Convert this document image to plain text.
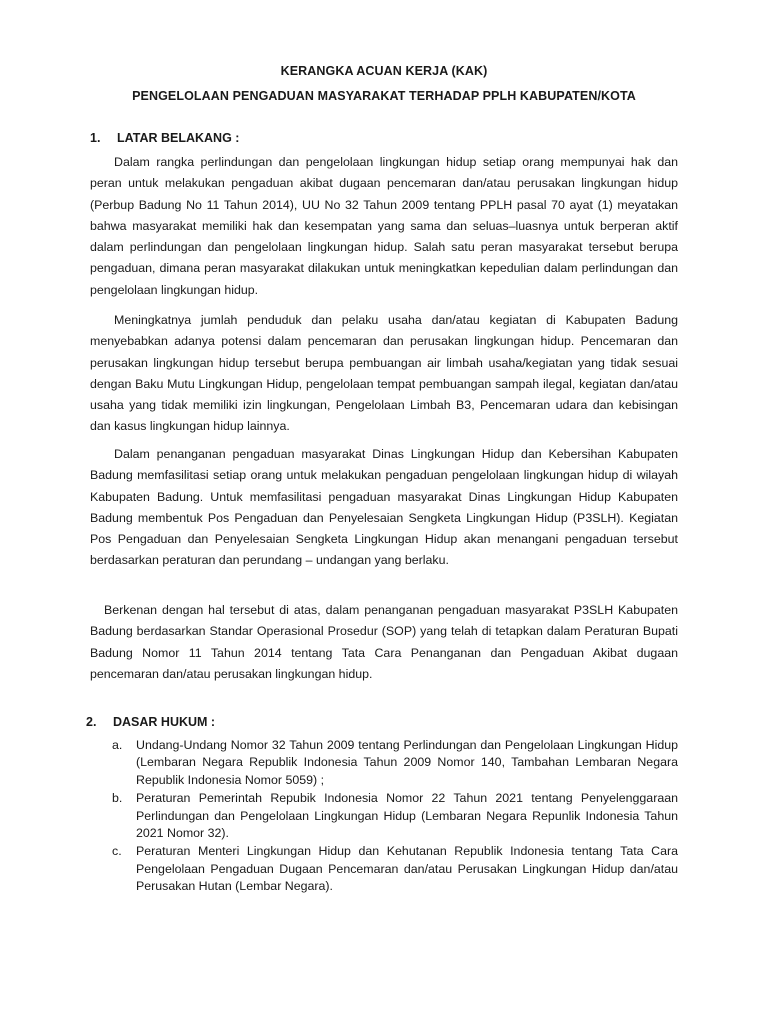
KERANGKA ACUAN KERJA (KAK)
PENGELOLAAN PENGADUAN MASYARAKAT TERHADAP PPLH KABUPATEN/KOTA
1. LATAR BELAKANG :

Dalam rangka perlindungan dan pengelolaan lingkungan hidup setiap orang mempunyai hak dan peran untuk melakukan pengaduan akibat dugaan pencemaran dan/atau perusakan lingkungan hidup (Perbup Badung No 11 Tahun 2014), UU No 32 Tahun 2009 tentang PPLH pasal 70 ayat (1) meyatakan bahwa masyarakat memiliki hak dan kesempatan yang sama dan seluas–luasnya untuk berperan aktif dalam perlindungan dan pengelolaan lingkungan hidup. Salah satu peran masyarakat tersebut berupa pengaduan, dimana peran masyarakat dilakukan untuk meningkatkan kepedulian dalam perlindungan dan pengelolaan lingkungan hidup.

Meningkatnya jumlah penduduk dan pelaku usaha dan/atau kegiatan di Kabupaten Badung menyebabkan adanya potensi dalam pencemaran dan perusakan lingkungan hidup. Pencemaran dan perusakan lingkungan hidup tersebut berupa pembuangan air limbah usaha/kegiatan yang tidak sesuai dengan Baku Mutu Lingkungan Hidup, pengelolaan tempat pembuangan sampah ilegal, kegiatan dan/atau usaha yang tidak memiliki izin lingkungan, Pengelolaan Limbah B3, Pencemaran udara dan kebisingan dan kasus lingkungan hidup lainnya.

Dalam penanganan pengaduan masyarakat Dinas Lingkungan Hidup dan Kebersihan Kabupaten Badung memfasilitasi setiap orang untuk melakukan pengaduan pengelolaan lingkungan hidup di wilayah Kabupaten Badung. Untuk memfasilitasi pengaduan masyarakat Dinas Lingkungan Hidup Kabupaten Badung membentuk Pos Pengaduan dan Penyelesaian Sengketa Lingkungan Hidup (P3SLH). Kegiatan Pos Pengaduan dan Penyelesaian Sengketa Lingkungan Hidup akan menangani pengaduan tersebut berdasarkan peraturan dan perundang – undangan yang berlaku.

Berkenan dengan hal tersebut di atas, dalam penanganan pengaduan masyarakat P3SLH Kabupaten Badung berdasarkan Standar Operasional Prosedur (SOP) yang telah di tetapkan dalam Peraturan Bupati Badung Nomor 11 Tahun 2014 tentang Tata Cara Penanganan dan Pengaduan Akibat dugaan pencemaran dan/atau perusakan lingkungan hidup.

2. DASAR HUKUM :
a. Undang-Undang Nomor 32 Tahun 2009 tentang Perlindungan dan Pengelolaan Lingkungan Hidup (Lembaran Negara Republik Indonesia Tahun 2009 Nomor 140, Tambahan Lembaran Negara Republik Indonesia Nomor 5059) ;
b. Peraturan Pemerintah Repubik Indonesia Nomor 22 Tahun 2021 tentang Penyelenggaraan Perlindungan dan Pengelolaan Lingkungan Hidup (Lembaran Negara Repunlik Indonesia Tahun 2021 Nomor 32).
c. Peraturan Menteri Lingkungan Hidup dan Kehutanan Republik Indonesia tentang Tata Cara Pengelolaan Pengaduan Dugaan Pencemaran dan/atau Perusakan Lingkungan Hidup dan/atau Perusakan Hutan (Lembar Negara).
